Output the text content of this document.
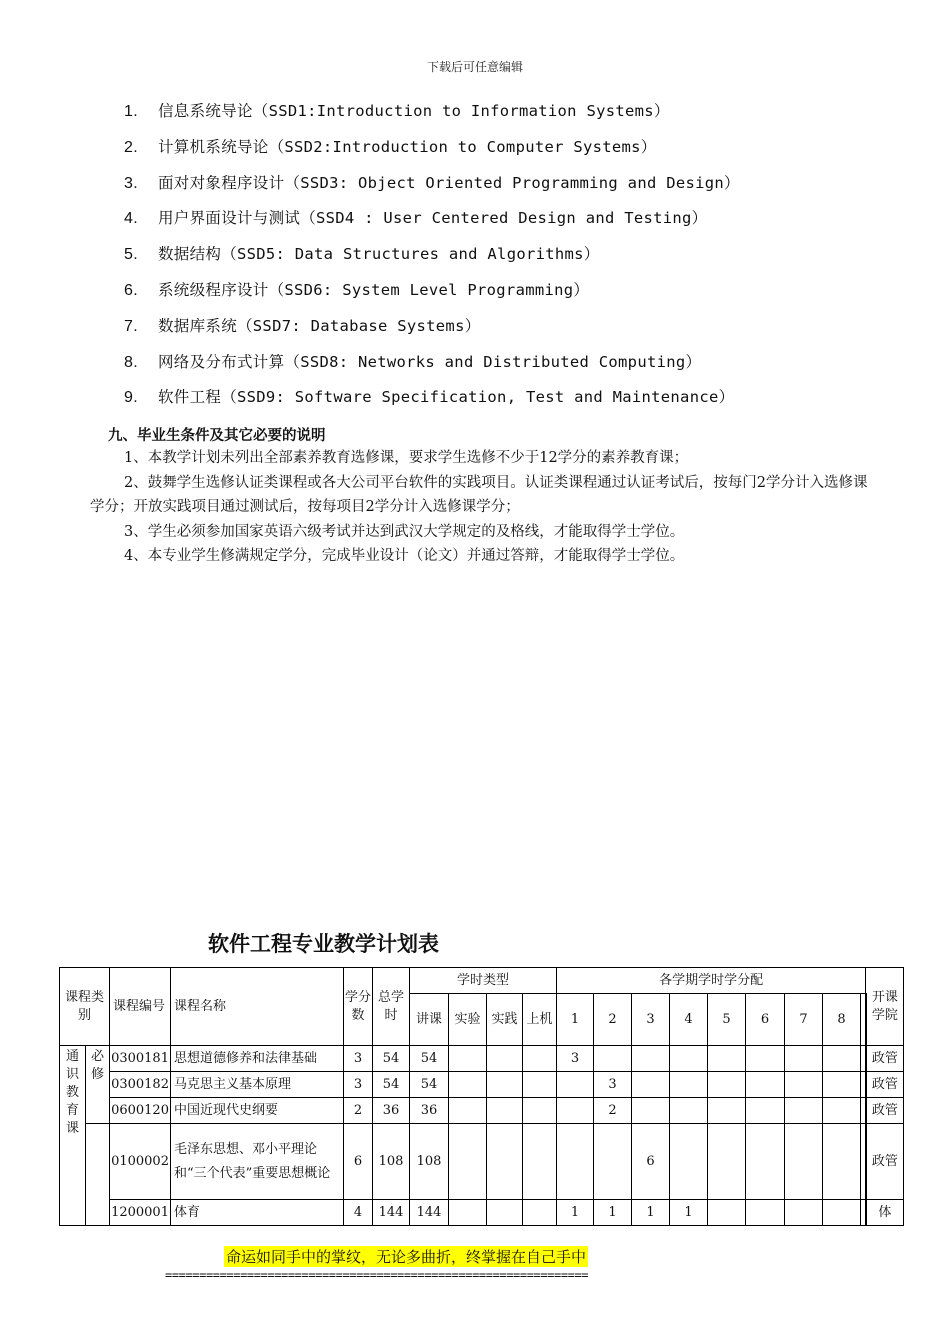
下载后可任意编辑
1. 信息系统导论（SSD1:Introduction to Information Systems）
2. 计算机系统导论（SSD2:Introduction to Computer Systems）
3. 面对对象程序设计（SSD3: Object Oriented Programming and Design）
4. 用户界面设计与测试（SSD4 : User Centered Design and Testing）
5. 数据结构（SSD5: Data Structures and Algorithms）
6. 系统级程序设计（SSD6: System Level Programming）
7. 数据库系统（SSD7: Database Systems）
8. 网络及分布式计算（SSD8: Networks and Distributed Computing）
9. 软件工程（SSD9: Software Specification, Test and Maintenance）
九、毕业生条件及其它必要的说明

1、本教学计划未列出全部素养教育选修课，要求学生选修不少于12学分的素养教育课；

2、鼓舞学生选修认证类课程或各大公司平台软件的实践项目。认证类课程通过认证考试后，按每门2学分计入选修课学分；开放实践项目通过测试后，按每项目2学分计入选修课学分；

3、学生必须参加国家英语六级考试并达到武汉大学规定的及格线，才能取得学士学位。

4、本专业学生修满规定学分，完成毕业设计（论文）并通过答辩，才能取得学士学位。

软件工程专业教学计划表
课程类别		课程编号	课程名称	学分数	总学时	学时类型				各学期学时学分配									开课学院
						讲课	实验	实践	上机	1	2	3	4	5	6	7	8		
通识教育课	必修	0300181	思想道德修养和法律基础	3	54	54				3									政管
		0300182	马克思主义基本原理	3	54	54					3								政管
		0600120	中国近现代史纲要	2	36	36					2								政管
		0100002	毛泽东思想、邓小平理论和“三个代表”重要思想概论	6	108	108						6							政管
		1200001	体育	4	144	144				1	1	1	1						体
命运如同手中的掌纹，无论多曲折，终掌握在自己手中
==============================================================
